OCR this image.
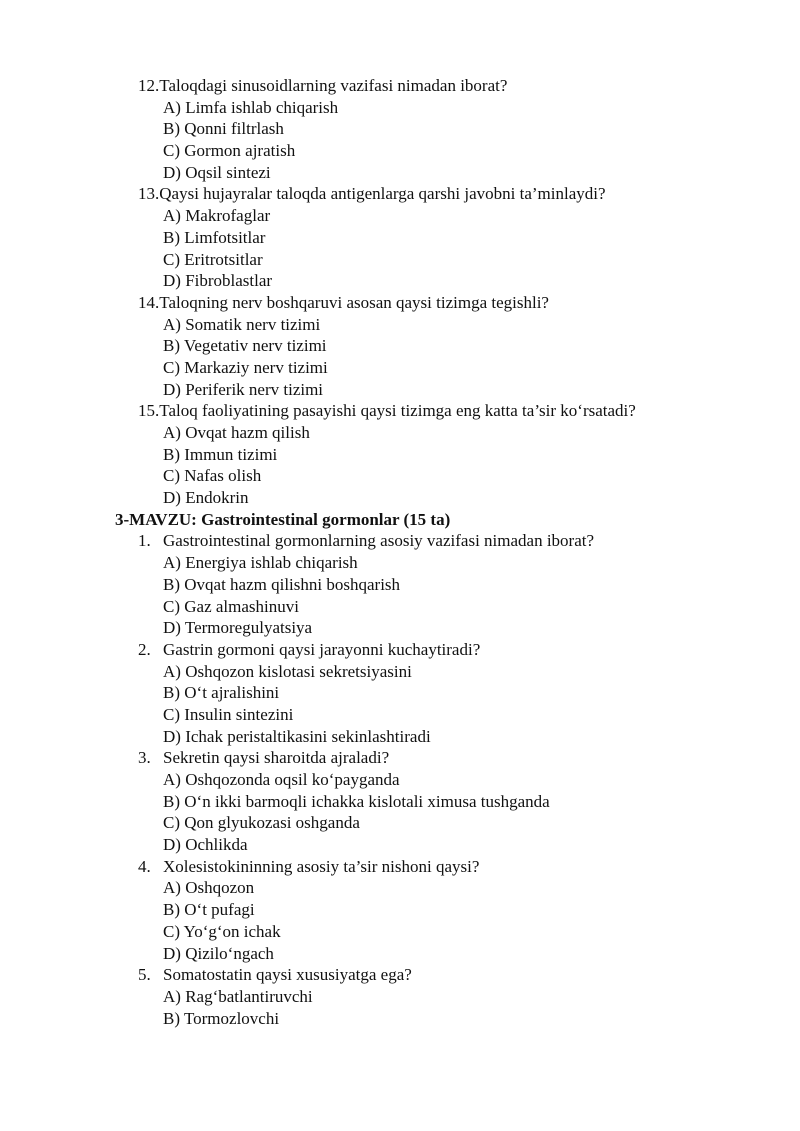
12.Taloqdagi sinusoidlarning vazifasi nimadan iborat?
A) Limfa ishlab chiqarish
B) Qonni filtrlash
C) Gormon ajratish
D) Oqsil sintezi
13.Qaysi hujayralar taloqda antigenlarga qarshi javobni ta’minlaydi?
A) Makrofaglar
B) Limfotsitlar
C) Eritrotsitlar
D) Fibroblastlar
14.Taloqning nerv boshqaruvi asosan qaysi tizimga tegishli?
A) Somatik nerv tizimi
B) Vegetativ nerv tizimi
C) Markaziy nerv tizimi
D) Periferik nerv tizimi
15.Taloq faoliyatining pasayishi qaysi tizimga eng katta ta’sir ko‘rsatadi?
A) Ovqat hazm qilish
B) Immun tizimi
C) Nafas olish
D) Endokrin
3-MAVZU: Gastrointestinal gormonlar (15 ta)
1. Gastrointestinal gormonlarning asosiy vazifasi nimadan iborat?
A) Energiya ishlab chiqarish
B) Ovqat hazm qilishni boshqarish
C) Gaz almashinuvi
D) Termoregulyatsiya
2. Gastrin gormoni qaysi jarayonni kuchaytiradi?
A) Oshqozon kislotasi sekretsiyasini
B) O‘t ajralishini
C) Insulin sintezini
D) Ichak peristaltikasini sekinlashtiradi
3. Sekretin qaysi sharoitda ajraladi?
A) Oshqozonda oqsil ko‘payganda
B) O‘n ikki barmoqli ichakka kislotali ximusa tushganda
C) Qon glyukozasi oshganda
D) Ochlikda
4. Xolesistokininning asosiy ta’sir nishoni qaysi?
A) Oshqozon
B) O‘t pufagi
C) Yo‘g‘on ichak
D) Qizilo‘ngach
5. Somatostatin qaysi xususiyatga ega?
A) Rag‘batlantiruvchi
B) Tormozlovchi
